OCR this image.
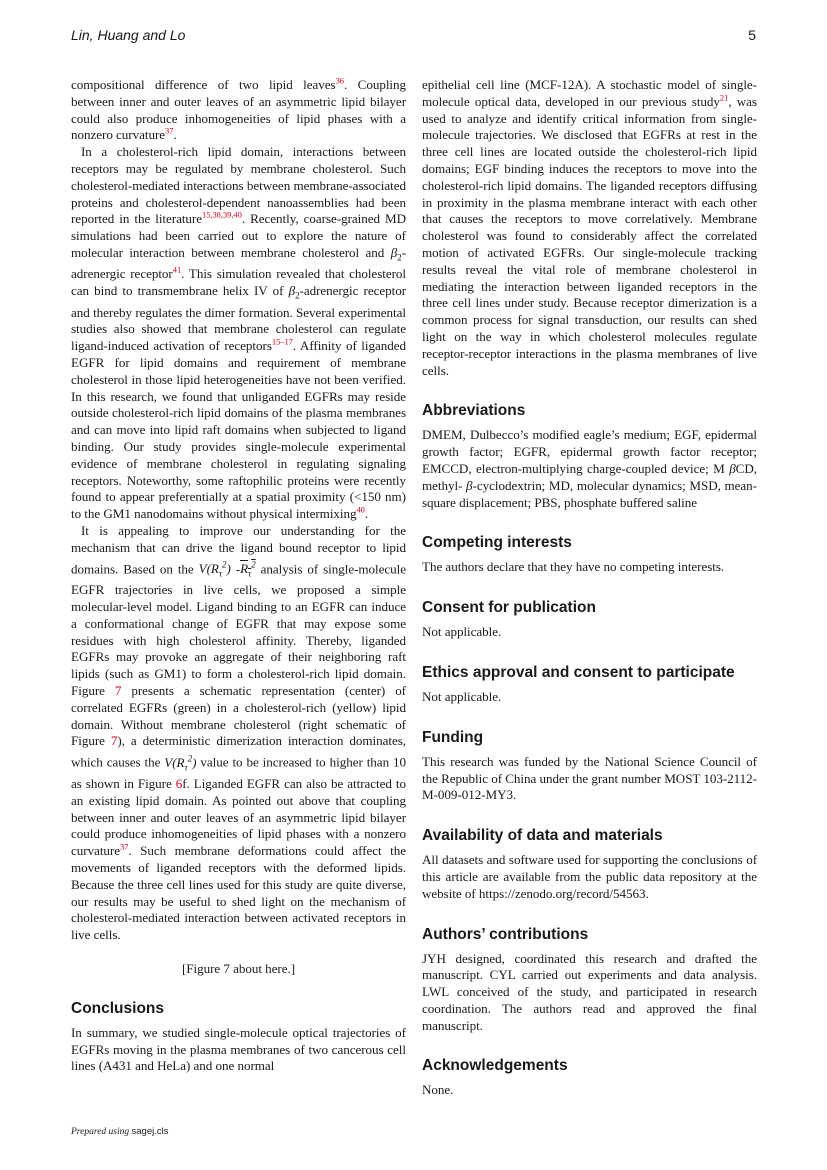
Lin, Huang and Lo	5

compositional difference of two lipid leaves$^{36}$. Coupling between inner and outer leaves of an asymmetric lipid bilayer could also produce inhomogeneities of lipid phases with a nonzero curvature$^{37}$.

In a cholesterol-rich lipid domain, interactions between receptors may be regulated by membrane cholesterol. Such cholesterol-mediated interactions between membrane-associated proteins and cholesterol-dependent nanoassemblies had been reported in the literature$^{15,38,39,40}$. Recently, coarse-grained MD simulations had been carried out to explore the nature of molecular interaction between membrane cholesterol and $\beta_2$-adrenergic receptor$^{41}$. This simulation revealed that cholesterol can bind to transmembrane helix IV of $\beta_2$-adrenergic receptor and thereby regulates the dimer formation. Several experimental studies also showed that membrane cholesterol can regulate ligand-induced activation of receptors$^{15-17}$. Affinity of liganded EGFR for lipid domains and requirement of membrane cholesterol in those lipid heterogeneities have not been verified. In this research, we found that unliganded EGFRs may reside outside cholesterol-rich lipid domains of the plasma membranes and can move into lipid raft domains when subjected to ligand binding. Our study provides single-molecule experimental evidence of membrane cholesterol in regulating signaling receptors. Noteworthy, some raftophilic proteins were recently found to appear preferentially at a spatial proximity (<150 nm) to the GM1 nanodomains without physical intermixing$^{40}$.

It is appealing to improve our understanding for the mechanism that can drive the ligand bound receptor to lipid domains. Based on the $V(R_\tau^2)$ $-R_\tau^2$ analysis of single-molecule EGFR trajectories in live cells, we proposed a simple molecular-level model. Ligand binding to an EGFR can induce a conformational change of EGFR that may expose some residues with high cholesterol affinity. Thereby, liganded EGFRs may provoke an aggregate of their neighboring raft lipids (such as GM1) to form a cholesterol-rich lipid domain. Figure 7 presents a schematic representation (center) of correlated EGFRs (green) in a cholesterol-rich (yellow) lipid domain. Without membrane cholesterol (right schematic of Figure 7), a deterministic dimerization interaction dominates, which causes the $V(R_\tau^2)$ value to be increased to higher than 10 as shown in Figure 6f. Liganded EGFR can also be attracted to an existing lipid domain. As pointed out above that coupling between inner and outer leaves of an asymmetric lipid bilayer could produce inhomogeneities of lipid phases with a nonzero curvature$^{37}$. Such membrane deformations could affect the movements of liganded receptors with the deformed lipids. Because the three cell lines used for this study are quite diverse, our results may be useful to shed light on the mechanism of cholesterol-mediated interaction between activated receptors in live cells.

[Figure 7 about here.]

Conclusions

In summary, we studied single-molecule optical trajectories of EGFRs moving in the plasma membranes of two cancerous cell lines (A431 and HeLa) and one normal

epithelial cell line (MCF-12A). A stochastic model of single-molecule optical data, developed in our previous study$^{21}$, was used to analyze and identify critical information from single-molecule trajectories. We disclosed that EGFRs at rest in the three cell lines are located outside the cholesterol-rich lipid domains; EGF binding induces the receptors to move into the cholesterol-rich lipid domains. The liganded receptors diffusing in proximity in the plasma membrane interact with each other that causes the receptors to move correlatively. Membrane cholesterol was found to considerably affect the correlated motion of activated EGFRs. Our single-molecule tracking results reveal the vital role of membrane cholesterol in mediating the interaction between liganded receptors in the three cell lines under study. Because receptor dimerization is a common process for signal transduction, our results can shed light on the way in which cholesterol molecules regulate receptor-receptor interactions in the plasma membranes of live cells.

Abbreviations

DMEM, Dulbecco’s modified eagle’s medium; EGF, epidermal growth factor; EGFR, epidermal growth factor receptor; EMCCD, electron-multiplying charge-coupled device; M βCD, methyl- β-cyclodextrin; MD, molecular dynamics; MSD, mean-square displacement; PBS, phosphate buffered saline

Competing interests

The authors declare that they have no competing interests.

Consent for publication

Not applicable.

Ethics approval and consent to participate

Not applicable.

Funding

This research was funded by the National Science Council of the Republic of China under the grant number MOST 103-2112-M-009-012-MY3.

Availability of data and materials

All datasets and software used for supporting the conclusions of this article are available from the public data repository at the website of https://zenodo.org/record/54563.

Authors’ contributions

JYH designed, coordinated this research and drafted the manuscript. CYL carried out experiments and data analysis. LWL conceived of the study, and participated in research coordination. The authors read and approved the final manuscript.

Acknowledgements

None.

Prepared using sagej.cls
